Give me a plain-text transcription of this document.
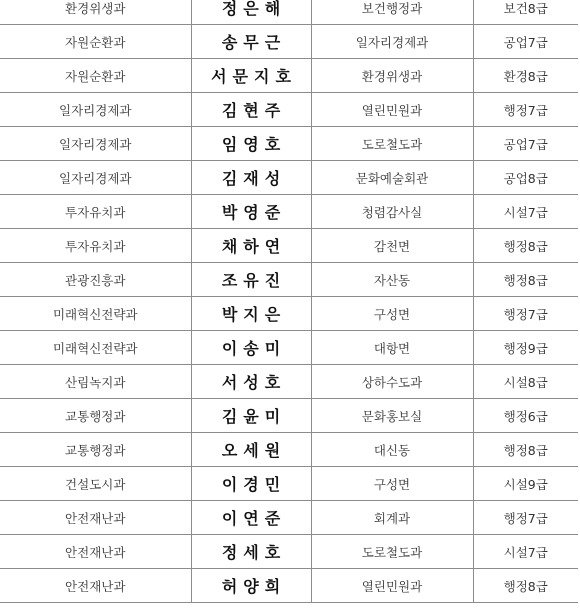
환경위생과	정은해	보건행정과	보건8급
자원순환과	송무근	일자리경제과	공업7급
자원순환과	서문지호	환경위생과	환경8급
일자리경제과	김현주	열린민원과	행정7급
일자리경제과	임영호	도로철도과	공업7급
일자리경제과	김재성	문화예술회관	공업8급
투자유치과	박영준	청렴감사실	시설7급
투자유치과	채하연	감천면	행정8급
관광진흥과	조유진	자산동	행정8급
미래혁신전략과	박지은	구성면	행정7급
미래혁신전략과	이송미	대항면	행정9급
산림녹지과	서성호	상하수도과	시설8급
교통행정과	김윤미	문화홍보실	행정6급
교통행정과	오세원	대신동	행정8급
건설도시과	이경민	구성면	시설9급
안전재난과	이연준	회계과	행정7급
안전재난과	정세호	도로철도과	시설7급
안전재난과	허양희	열린민원과	행정8급
